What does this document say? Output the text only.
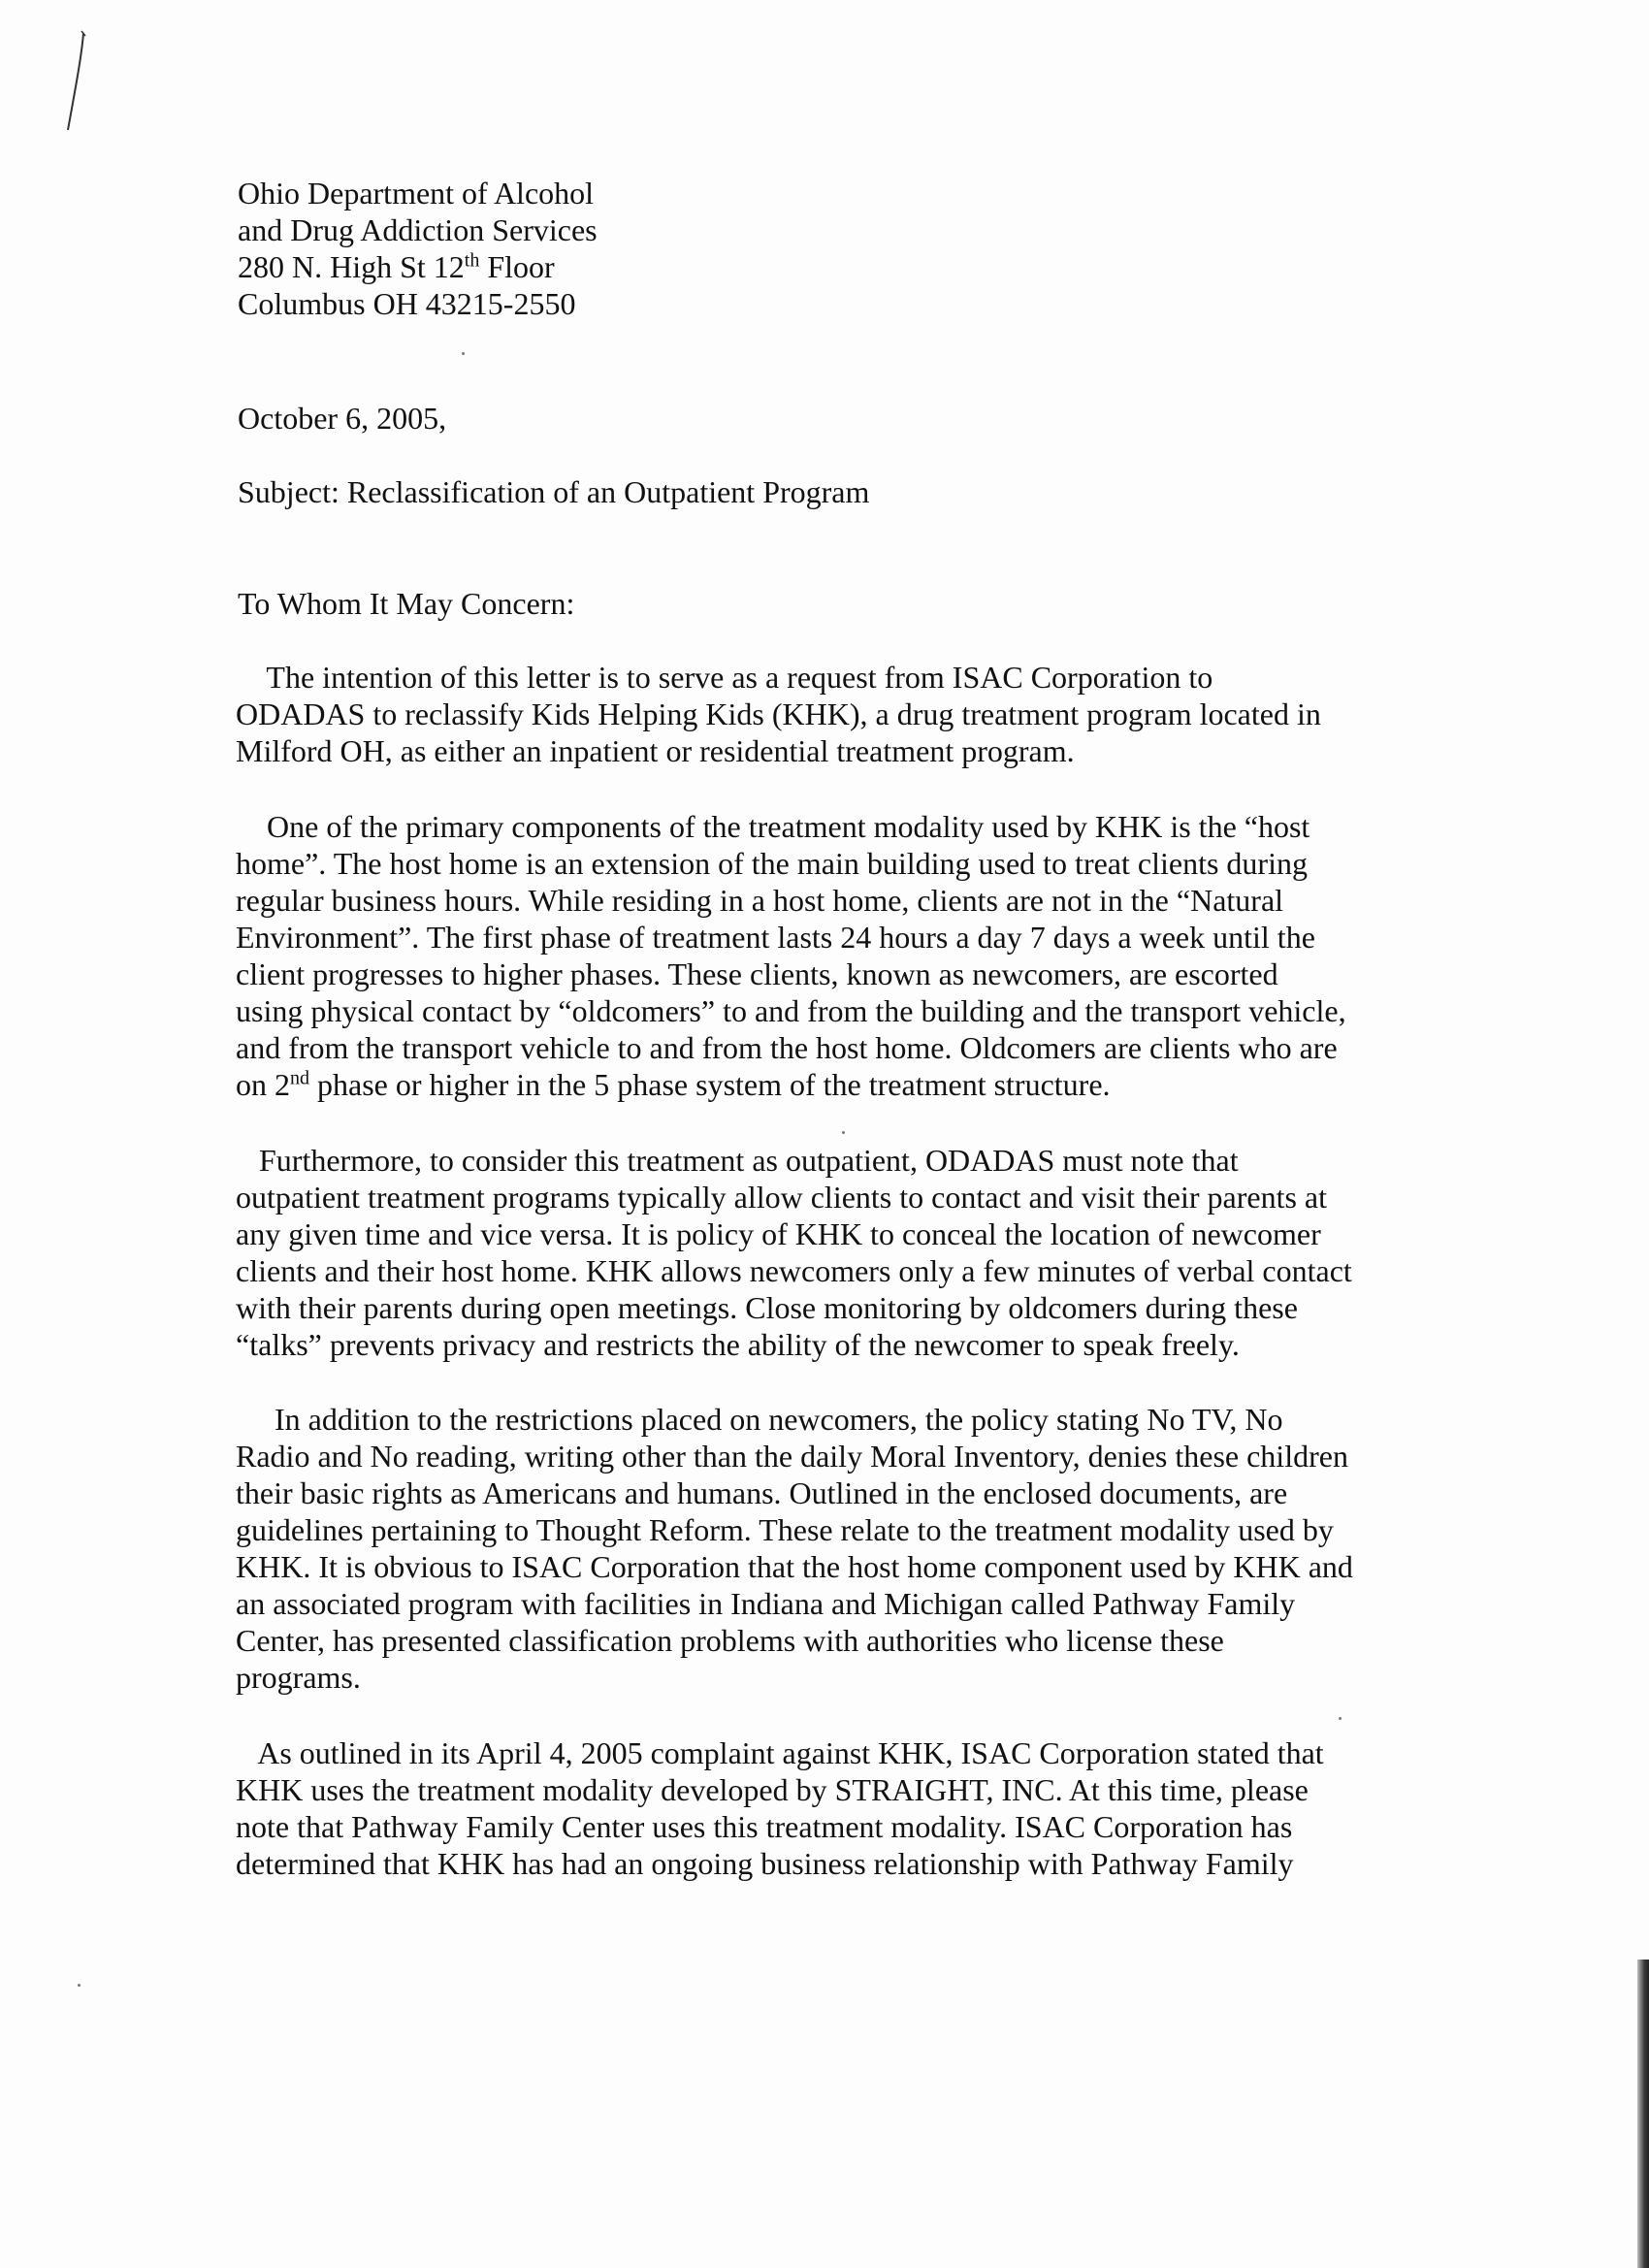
Ohio Department of Alcohol
and Drug Addiction Services
280 N. High St 12th Floor
Columbus OH 43215-2550
October 6, 2005,
Subject: Reclassification of an Outpatient Program
To Whom It May Concern:
The intention of this letter is to serve as a request from ISAC Corporation to
ODADAS to reclassify Kids Helping Kids (KHK), a drug treatment program located in
Milford OH, as either an inpatient or residential treatment program.
One of the primary components of the treatment modality used by KHK is the “host
home”. The host home is an extension of the main building used to treat clients during
regular business hours. While residing in a host home, clients are not in the “Natural
Environment”. The first phase of treatment lasts 24 hours a day 7 days a week until the
client progresses to higher phases. These clients, known as newcomers, are escorted
using physical contact by “oldcomers” to and from the building and the transport vehicle,
and from the transport vehicle to and from the host home. Oldcomers are clients who are
on 2nd phase or higher in the 5 phase system of the treatment structure.
Furthermore, to consider this treatment as outpatient, ODADAS must note that
outpatient treatment programs typically allow clients to contact and visit their parents at
any given time and vice versa. It is policy of KHK to conceal the location of newcomer
clients and their host home. KHK allows newcomers only a few minutes of verbal contact
with their parents during open meetings. Close monitoring by oldcomers during these
“talks” prevents privacy and restricts the ability of the newcomer to speak freely.
In addition to the restrictions placed on newcomers, the policy stating No TV, No
Radio and No reading, writing other than the daily Moral Inventory, denies these children
their basic rights as Americans and humans. Outlined in the enclosed documents, are
guidelines pertaining to Thought Reform. These relate to the treatment modality used by
KHK. It is obvious to ISAC Corporation that the host home component used by KHK and
an associated program with facilities in Indiana and Michigan called Pathway Family
Center, has presented classification problems with authorities who license these
programs.
As outlined in its April 4, 2005 complaint against KHK, ISAC Corporation stated that
KHK uses the treatment modality developed by STRAIGHT, INC. At this time, please
note that Pathway Family Center uses this treatment modality. ISAC Corporation has
determined that KHK has had an ongoing business relationship with Pathway Family
